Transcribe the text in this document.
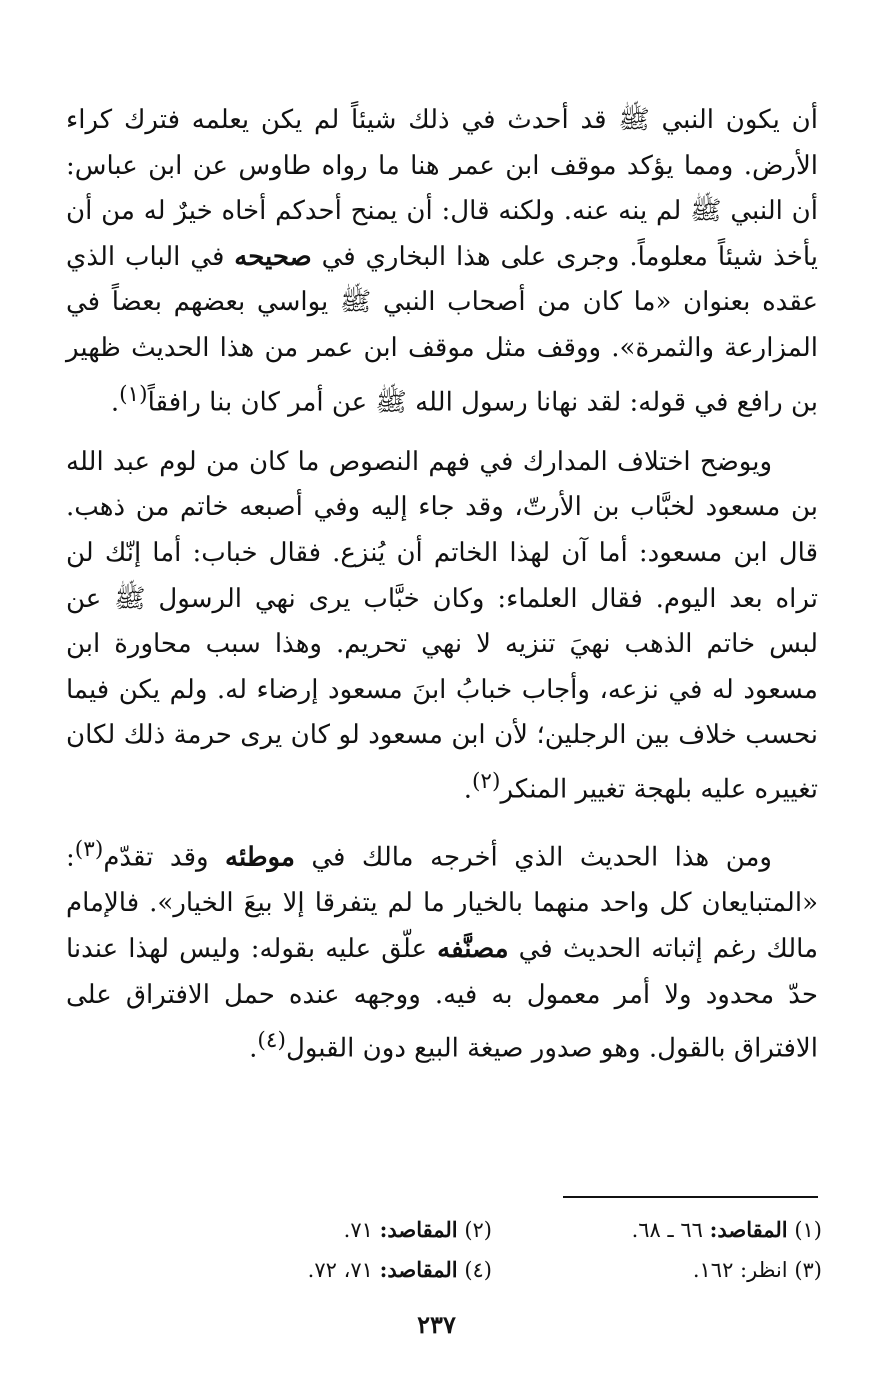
أن يكون النبي ﷺ قد أحدث في ذلك شيئاً لم يكن يعلمه فترك كراء الأرض. ومما يؤكد موقف ابن عمر هنا ما رواه طاوس عن ابن عباس: أن النبي ﷺ لم ينه عنه. ولكنه قال: أن يمنح أحدكم أخاه خيرٌ له من أن يأخذ شيئاً معلوماً. وجرى على هذا البخاري في صحيحه في الباب الذي عقده بعنوان «ما كان من أصحاب النبي ﷺ يواسي بعضهم بعضاً في المزارعة والثمرة». ووقف مثل موقف ابن عمر من هذا الحديث ظهير بن رافع في قوله: لقد نهانا رسول الله ﷺ عن أمر كان بنا رافقاً$^{(١)}$.

ويوضح اختلاف المدارك في فهم النصوص ما كان من لوم عبد الله بن مسعود لخبَّاب بن الأرتّ، وقد جاء إليه وفي أصبعه خاتم من ذهب. قال ابن مسعود: أما آن لهذا الخاتم أن يُنزع. فقال خباب: أما إنّك لن تراه بعد اليوم. فقال العلماء: وكان خبَّاب يرى نهي الرسول ﷺ عن لبس خاتم الذهب نهيَ تنزيه لا نهي تحريم. وهذا سبب محاورة ابن مسعود له في نزعه، وأجاب خبابُ ابنَ مسعود إرضاء له. ولم يكن فيما نحسب خلاف بين الرجلين؛ لأن ابن مسعود لو كان يرى حرمة ذلك لكان تغييره عليه بلهجة تغيير المنكر$^{(٢)}$.

ومن هذا الحديث الذي أخرجه مالك في موطئه وقد تقدّم$^{(٣)}$: «المتبايعان كل واحد منهما بالخيار ما لم يتفرقا إلا بيعَ الخيار». فالإمام مالك رغم إثباته الحديث في مصنَّفه علّق عليه بقوله: وليس لهذا عندنا حدّ محدود ولا أمر معمول به فيه. ووجهه عنده حمل الافتراق على الافتراق بالقول. وهو صدور صيغة البيع دون القبول$^{(٤)}$.

(١) المقاصد: ٦٦ ـ ٦٨.
(٢) المقاصد: ٧١.
(٣) انظر: ١٦٢.
(٤) المقاصد: ٧١، ٧٢.
٢٣٧
